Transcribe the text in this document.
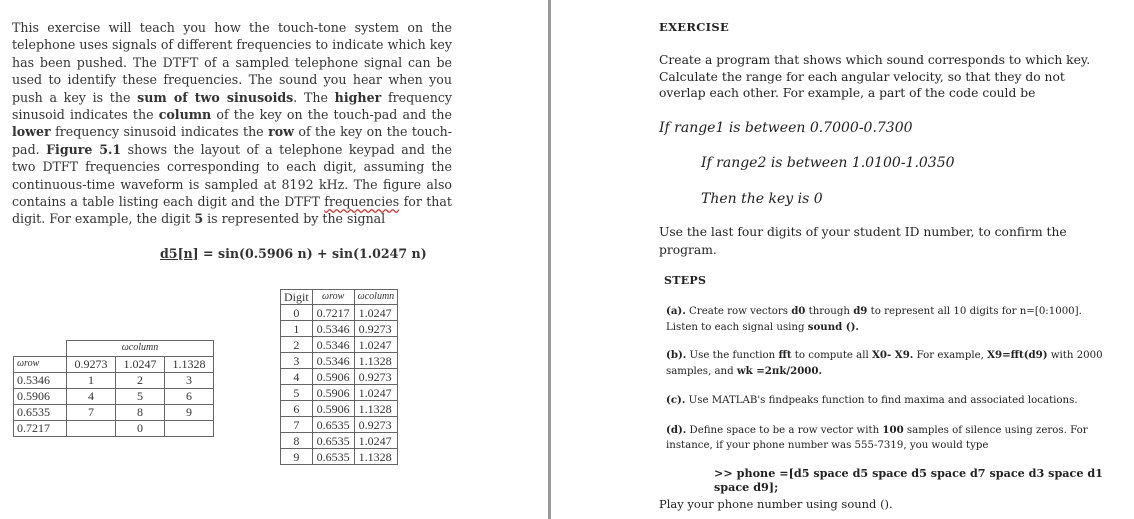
This exercise will teach you how the touch-tone system on the telephone uses signals of different frequencies to indicate which key has been pushed. The DTFT of a sampled telephone signal can be used to identify these frequencies. The sound you hear when you push a key is the sum of two sinusoids. The higher frequency sinusoid indicates the column of the key on the touch-pad and the lower frequency sinusoid indicates the row of the key on the touch-pad. Figure 5.1 shows the layout of a telephone keypad and the two DTFT frequencies corresponding to each digit, assuming the continuous-time waveform is sampled at 8192 kHz. The figure also contains a table listing each digit and the DTFT frequencies for that digit. For example, the digit 5 is represented by the signal
d5[n] = sin(0.5906 n) + sin(1.0247 n)
	ωcolumn		
ωrow	0.9273	1.0247	1.1328
0.5346	1	2	3
0.5906	4	5	6
0.6535	7	8	9
0.7217		0	
Digit	ωrow	ωcolumn
0	0.7217	1.0247
1	0.5346	0.9273
2	0.5346	1.0247
3	0.5346	1.1328
4	0.5906	0.9273
5	0.5906	1.0247
6	0.5906	1.1328
7	0.6535	0.9273
8	0.6535	1.0247
9	0.6535	1.1328
EXERCISE
Create a program that shows which sound corresponds to which key. Calculate the range for each angular velocity, so that they do not overlap each other. For example, a part of the code could be
If range1 is between 0.7000-0.7300
If range2 is between 1.0100-1.0350
Then the key is 0
Use the last four digits of your student ID number, to confirm the program.
STEPS
(a). Create row vectors d0 through d9 to represent all 10 digits for n=[0:1000]. Listen to each signal using sound ().
(b). Use the function fft to compute all X0- X9. For example, X9=fft(d9) with 2000 samples, and wk =2πk/2000.
(c). Use MATLAB's findpeaks function to find maxima and associated locations.
(d). Define space to be a row vector with 100 samples of silence using zeros. For instance, if your phone number was 555-7319, you would type
>> phone =[d5 space d5 space d5 space d7 space d3 space d1 space d9];
Play your phone number using sound ().
